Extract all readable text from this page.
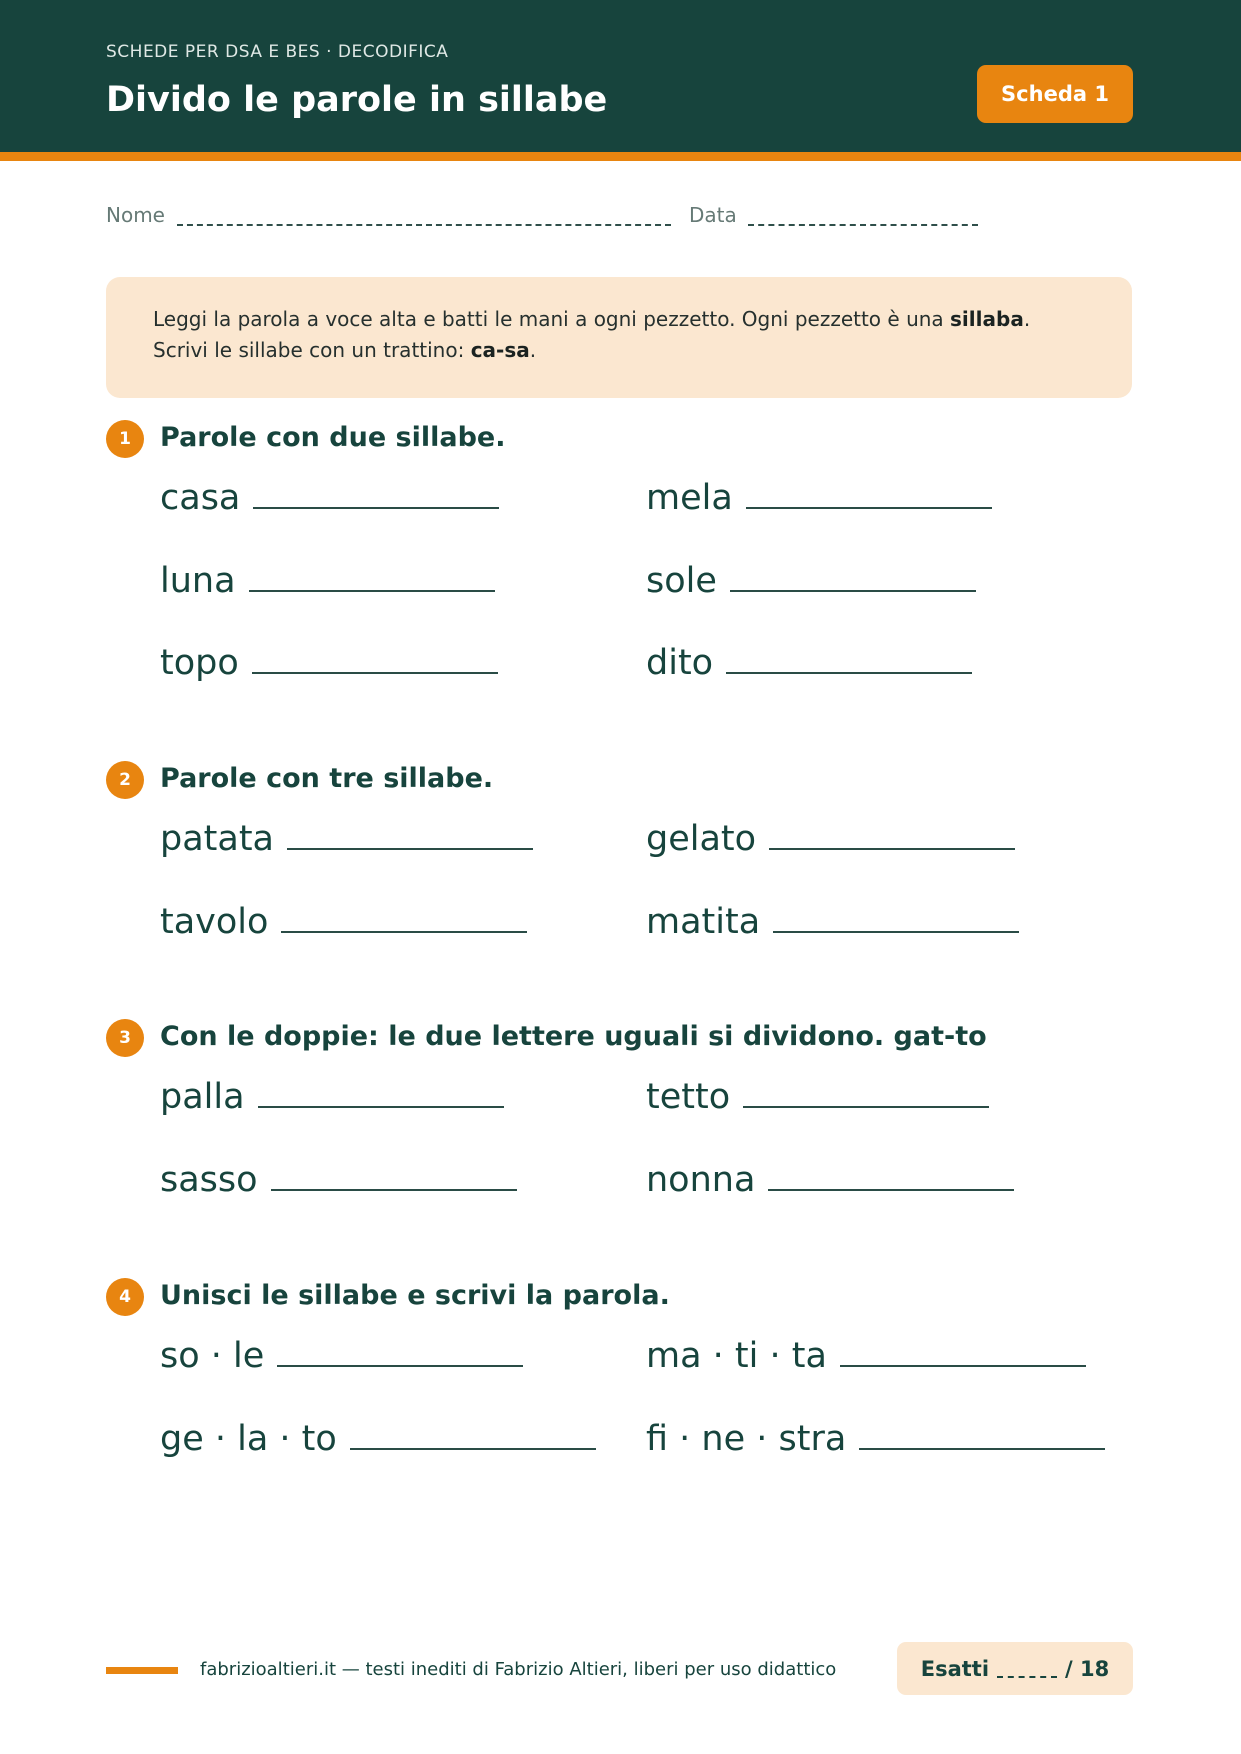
SCHEDE PER DSA E BES · DECODIFICA
Divido le parole in sillabe	Scheda 1
Nome	Data
Leggi la parola a voce alta e batti le mani a ogni pezzetto. Ogni pezzetto è una sillaba.
Scrivi le sillabe con un trattino: ca-sa.
1	Parole con due sillabe.
casa	mela
luna	sole
topo	dito
2	Parole con tre sillabe.
patata	gelato
tavolo	matita
3	Con le doppie: le due lettere uguali si dividono. gat-to
palla	tetto
sasso	nonna
4	Unisci le sillabe e scrivi la parola.
so · le	ma · ti · ta
ge · la · to	fi · ne · stra
fabrizioaltieri.it — testi inediti di Fabrizio Altieri, liberi per uso didattico	Esatti	/ 18
